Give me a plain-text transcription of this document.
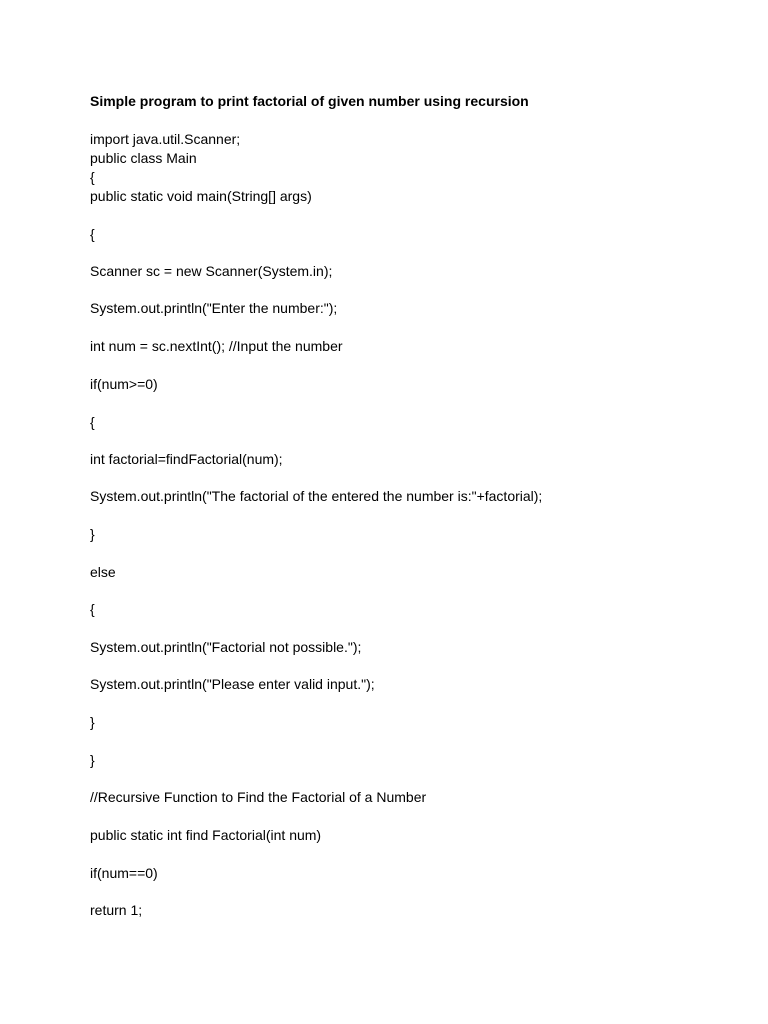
Simple program to print factorial of given number using recursion

import java.util.Scanner;

public class Main

{

public static void main(String[] args)

{

Scanner sc = new Scanner(System.in);

System.out.println("Enter the number:");

int num = sc.nextInt(); //Input the number

if(num>=0)

{

int factorial=findFactorial(num);

System.out.println("The factorial of the entered the number is:"+factorial);

}

else

{

System.out.println("Factorial not possible.");

System.out.println("Please enter valid input.");

}

}

//Recursive Function to Find the Factorial of a Number

public static int find Factorial(int num)

if(num==0)

return 1;
